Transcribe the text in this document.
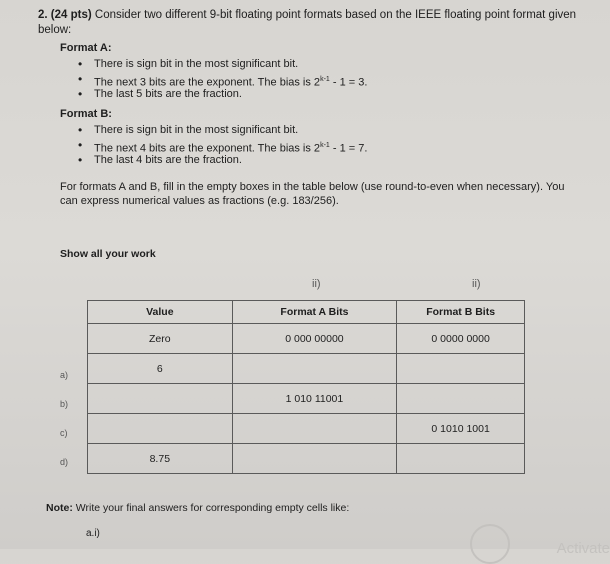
2. (24 pts) Consider two different 9-bit floating point formats based on the IEEE floating point format given below:
Format A:
• There is sign bit in the most significant bit.
• The next 3 bits are the exponent. The bias is 2$^{k-1}$ - 1 = 3.
• The last 5 bits are the fraction.
Format B:
• There is sign bit in the most significant bit.
• The next 4 bits are the exponent. The bias is 2$^{k-1}$ - 1 = 7.
• The last 4 bits are the fraction.
For formats A and B, fill in the empty boxes in the table below (use round-to-even when necessary). You can express numerical values as fractions (e.g. 183/256).
Show all your work
ii)	ii)
Value	Format A Bits	Format B Bits
Zero	0 000 00000	0 0000 0000
6		
	1 010 11001	
		0 1010 1001
8.75		
a)
b)
c)
d)
Note: Write your final answers for corresponding empty cells like:
a.i)
Activate
